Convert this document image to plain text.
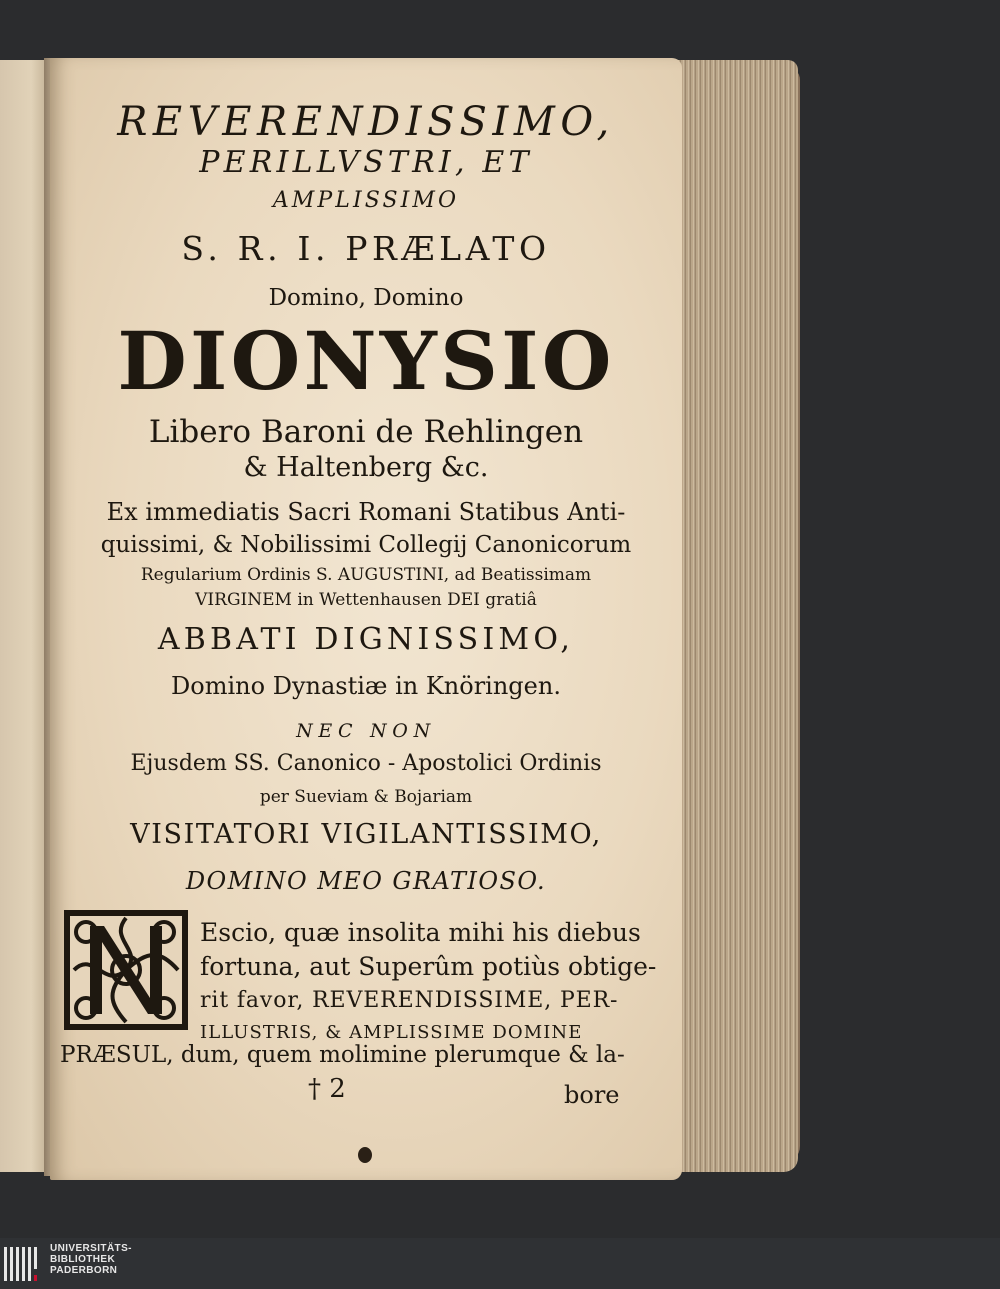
REVERENDISSIMO,
PERILLVSTRI, ET
AMPLISSIMO
S. R. I. PRÆLATO
Domino, Domino
DIONYSIO
Libero Baroni de Rehlingen
& Haltenberg &c.
Ex immediatis Sacri Romani Statibus Anti-
quissimi, & Nobilissimi Collegij Canonicorum
Regularium Ordinis S. AUGUSTINI, ad Beatissimam
VIRGINEM in Wettenhausen DEI gratiâ
ABBATI DIGNISSIMO,
Domino Dynastiæ in Knöringen.
NEC NON
Ejusdem SS. Canonico - Apostolici Ordinis
per Sueviam & Bojariam
VISITATORI VIGILANTISSIMO,
DOMINO MEO GRATIOSO.
Escio, quæ insolita mihi his diebus
fortuna, aut Superûm potiùs obtige-
rit favor, REVERENDISSIME, PER-
ILLUSTRIS, & AMPLISSIME DOMINE
PRÆSUL, dum, quem molimine plerumque & la-
† 2	bore
UNIVERSITÄTS-
BIBLIOTHEK
PADERBORN
